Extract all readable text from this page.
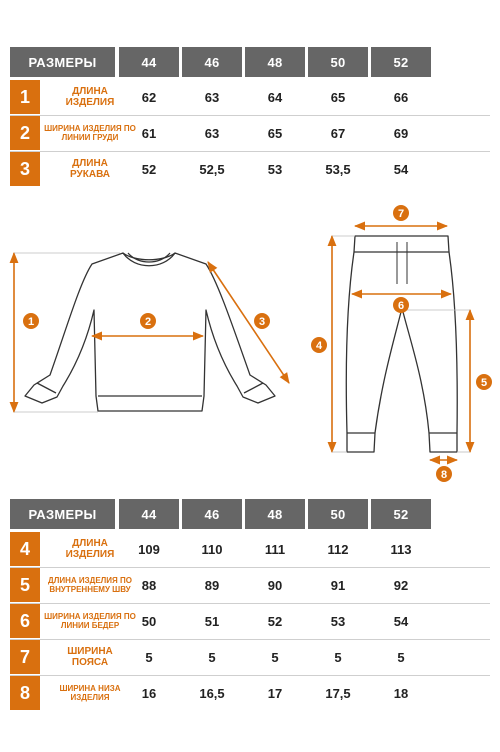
РАЗМЕРЫ	44	46	48	50	52
1	ДЛИНА ИЗДЕЛИЯ	62	63	64	65	66
2	ШИРИНА ИЗДЕЛИЯ ПО ЛИНИИ ГРУДИ	61	63	65	67	69
3	ДЛИНА РУКАВА	52	52,5	53	53,5	54
1	2	3
4
5
6
7
8
РАЗМЕРЫ	44	46	48	50	52
4	ДЛИНА ИЗДЕЛИЯ	109	110	111	112	113
5	ДЛИНА ИЗДЕЛИЯ ПО ВНУТРЕННЕМУ ШВУ 88	89	90	91	92
6	ШИРИНА ИЗДЕЛИЯ ПО ЛИНИИ БЕДЕР	50	51	52	53	54
7	ШИРИНА ПОЯСА	5	5	5	5	5
8	ШИРИНА НИЗА ИЗДЕЛИЯ	16	16,5	17	17,5	18
